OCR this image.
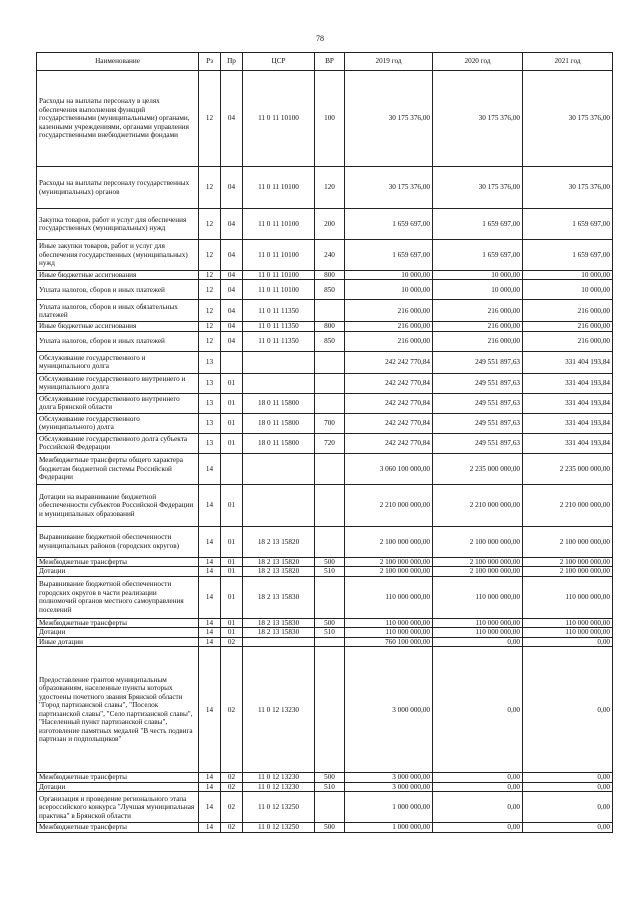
78
Наименование	Рз	Пр	ЦСР	ВР	2019 год	2020 год	2021 год
Расходы на выплаты персоналу в целях обеспечения выполнения функций государственными (муниципальными) органами, казенными учреждениями, органами управления государственными внебюджетными фондами	12	04	11 0 11 10100	100	30 175 376,00	30 175 376,00	30 175 376,00
Расходы на выплаты персоналу государственных (муниципальных) органов	12	04	11 0 11 10100	120	30 175 376,00	30 175 376,00	30 175 376,00
Закупка товаров, работ и услуг для обеспечения государственных (муниципальных) нужд	12	04	11 0 11 10100	200	1 659 697,00	1 659 697,00	1 659 697,00
Иные закупки товаров, работ и услуг для обеспечения государственных (муниципальных) нужд	12	04	11 0 11 10100	240	1 659 697,00	1 659 697,00	1 659 697,00
Иные бюджетные ассигнования	12	04	11 0 11 10100	800	10 000,00	10 000,00	10 000,00
Уплата налогов, сборов и иных платежей	12	04	11 0 11 10100	850	10 000,00	10 000,00	10 000,00
Уплата налогов, сборов и иных обязательных платежей	12	04	11 0 11 11350		216 000,00	216 000,00	216 000,00
Иные бюджетные ассигнования	12	04	11 0 11 11350	800	216 000,00	216 000,00	216 000,00
Уплата налогов, сборов и иных платежей	12	04	11 0 11 11350	850	216 000,00	216 000,00	216 000,00
Обслуживание государственного и муниципального долга	13				242 242 770,84	249 551 897,63	331 404 193,84
Обслуживание государственного внутреннего и муниципального долга	13	01			242 242 770,84	249 551 897,63	331 404 193,84
Обслуживание государственного внутреннего долга Брянской области	13	01	18 0 11 15800		242 242 770,84	249 551 897,63	331 404 193,84
Обслуживание государственного (муниципального) долга	13	01	18 0 11 15800	700	242 242 770,84	249 551 897,63	331 404 193,84
Обслуживание государственного долга субъекта Российской Федерации	13	01	18 0 11 15800	720	242 242 770,84	249 551 897,63	331 404 193,84
Межбюджетные трансферты общего характера бюджетам бюджетной системы Российской Федерации	14				3 060 100 000,00	2 235 000 000,00	2 235 000 000,00
Дотации на выравнивание бюджетной обеспеченности субъектов Российской Федерации и муниципальных образований	14	01			2 210 000 000,00	2 210 000 000,00	2 210 000 000,00
Выравнивание бюджетной обеспеченности муниципальных районов (городских округов)	14	01	18 2 13 15820		2 100 000 000,00	2 100 000 000,00	2 100 000 000,00
Межбюджетные трансферты	14	01	18 2 13 15820	500	2 100 000 000,00	2 100 000 000,00	2 100 000 000,00
Дотации	14	01	18 2 13 15820	510	2 100 000 000,00	2 100 000 000,00	2 100 000 000,00
Выравнивание бюджетной обеспеченности городских округов в части реализации полномочий органов местного самоуправления поселений	14	01	18 2 13 15830		110 000 000,00	110 000 000,00	110 000 000,00
Межбюджетные трансферты	14	01	18 2 13 15830	500	110 000 000,00	110 000 000,00	110 000 000,00
Дотации	14	01	18 2 13 15830	510	110 000 000,00	110 000 000,00	110 000 000,00
Иные дотации	14	02			760 100 000,00	0,00	0,00
Предоставление грантов муниципальным образованиям, населенные пункты которых удостоены почетного звания Брянской области "Город партизанской славы", "Поселок партизанской славы", "Село партизанской славы", "Населенный пункт партизанской славы", изготовление памятных медалей "В честь подвига партизан и подпольщиков"	14	02	11 0 12 13230		3 000 000,00	0,00	0,00
Межбюджетные трансферты	14	02	11 0 12 13230	500	3 000 000,00	0,00	0,00
Дотации	14	02	11 0 12 13230	510	3 000 000,00	0,00	0,00
Организация и проведение регионального этапа всероссийского конкурса "Лучшая муниципальная практика" в Брянской области	14	02	11 0 12 13250		1 000 000,00	0,00	0,00
Межбюджетные трансферты	14	02	11 0 12 13250	500	1 000 000,00	0,00	0,00
